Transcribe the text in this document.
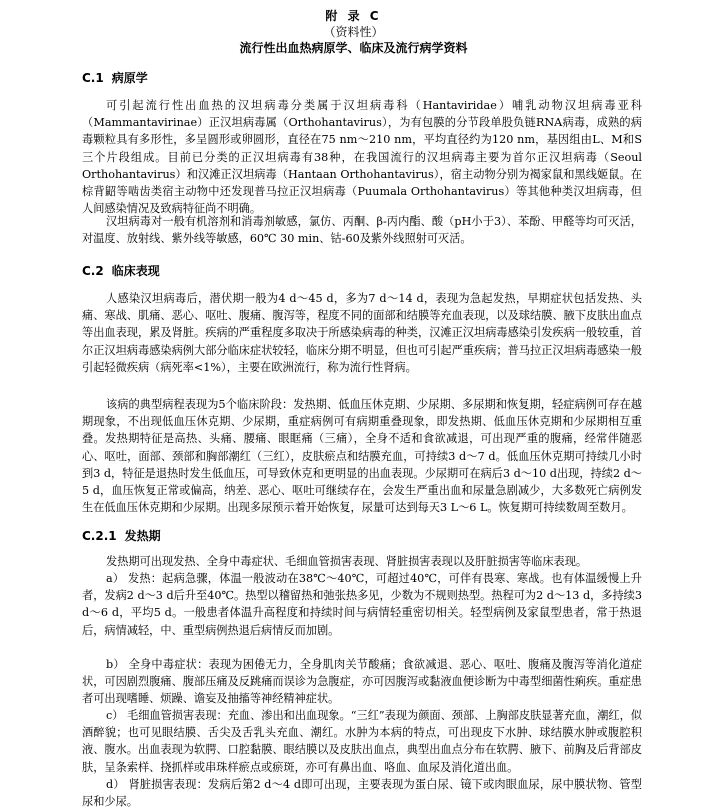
附 录 C
（资料性）
流行性出血热病原学、临床及流行病学资料
C.1 病原学

可引起流行性出血热的汉坦病毒分类属于汉坦病毒科（Hantaviridae）哺乳动物汉坦病毒亚科（Mammantavirinae）正汉坦病毒属（Orthohantavirus），为有包膜的分节段单股负链RNA病毒，成熟的病毒颗粒具有多形性，多呈圆形或卵圆形，直径在75 nm～210 nm，平均直径约为120 nm，基因组由L、M和S三个片段组成。目前已分类的正汉坦病毒有38种，在我国流行的汉坦病毒主要为首尔正汉坦病毒（Seoul Orthohantavirus）和汉滩正汉坦病毒（Hantaan Orthohantavirus），宿主动物分别为褐家鼠和黑线姬鼠。在棕背鼦等啮齿类宿主动物中还发现普马拉正汉坦病毒（Puumala Orthohantavirus）等其他种类汉坦病毒，但人间感染情况及致病特征尚不明确。

汉坦病毒对一般有机溶剂和消毒剂敏感，氯仿、丙酮、β-丙内酯、酸（pH小于3）、苯酚、甲醛等均可灭活，对温度、放射线、紫外线等敏感，60℃ 30 min、钴-60及紫外线照射可灭活。

C.2 临床表现

人感染汉坦病毒后，潜伏期一般为4 d～45 d，多为7 d～14 d，表现为急起发热，早期症状包括发热、头痛、寒战、肌痛、恶心、呕吐、腹痛、腹泻等，程度不同的面部和结膜等充血表现，以及球结膜、腋下皮肤出血点等出血表现，累及肾脏。疾病的严重程度多取决于所感染病毒的种类，汉滩正汉坦病毒感染引发疾病一般较重，首尔正汉坦病毒感染病例大部分临床症状较轻，临床分期不明显，但也可引起严重疾病；普马拉正汉坦病毒感染一般引起轻微疾病（病死率<1%），主要在欧洲流行，称为流行性肾病。

该病的典型病程表现为5个临床阶段：发热期、低血压休克期、少尿期、多尿期和恢复期，轻症病例可存在越期现象，不出现低血压休克期、少尿期，重症病例可有病期重叠现象，即发热期、低血压休克期和少尿期相互重叠。发热期特征是高热、头痛、腰痛、眼眶痛（三痛），全身不适和食欲减退，可出现严重的腹痛，经常伴随恶心、呕吐，面部、颈部和胸部潮红（三红），皮肤瘀点和结膜充血，可持续3 d～7 d。低血压休克期可持续几小时到3 d，特征是退热时发生低血压，可导致休克和更明显的出血表现。少尿期可在病后3 d～10 d出现，持续2 d～5 d，血压恢复正常或偏高，纳差、恶心、呕吐可继续存在，会发生严重出血和尿量急剧减少，大多数死亡病例发生在低血压休克期和少尿期。出现多尿预示着开始恢复，尿量可达到每天3 L～6 L。恢复期可持续数周至数月。

C.2.1 发热期

发热期可出现发热、全身中毒症状、毛细血管损害表现、肾脏损害表现以及肝脏损害等临床表现。

a） 发热：起病急骤，体温一般波动在38℃～40℃，可超过40℃，可伴有畏寒、寒战。也有体温缓慢上升者，发病2 d～3 d后升至40℃。热型以稽留热和弛张热多见，少数为不规则热型。热程可为2 d～13 d，多持续3 d～6 d，平均5 d。一般患者体温升高程度和持续时间与病情轻重密切相关。轻型病例及家鼠型患者，常于热退后，病情减轻，中、重型病例热退后病情反而加剧。

b） 全身中毒症状：表现为困倦无力，全身肌肉关节酸痛；食欲减退、恶心、呕吐、腹痛及腹泻等消化道症状，可因剧烈腹痛、腹部压痛及反跳痛而误诊为急腹症，亦可因腹泻或黏液血便诊断为中毒型细菌性痢疾。重症患者可出现嗜睡、烦躁、谵妄及抽搐等神经精神症状。

c） 毛细血管损害表现：充血、渗出和出血现象。“三红”表现为颜面、颈部、上胸部皮肤显著充血，潮红，似酒醉貌；也可见眼结膜、舌尖及舌乳头充血、潮红。水肿为本病的特点，可出现皮下水肿、球结膜水肿或腹腔积液、腹水。出血表现为软腭、口腔黏膜、眼结膜以及皮肤出血点，典型出血点分布在软腭、腋下、前胸及后背部皮肤，呈条索样、挠抓样或串珠样瘀点或瘀斑，亦可有鼻出血、咯血、血尿及消化道出血。

d） 肾脏损害表现：发病后第2 d～4 d即可出现，主要表现为蛋白尿、镜下或肉眼血尿，尿中膜状物、管型尿和少尿。
